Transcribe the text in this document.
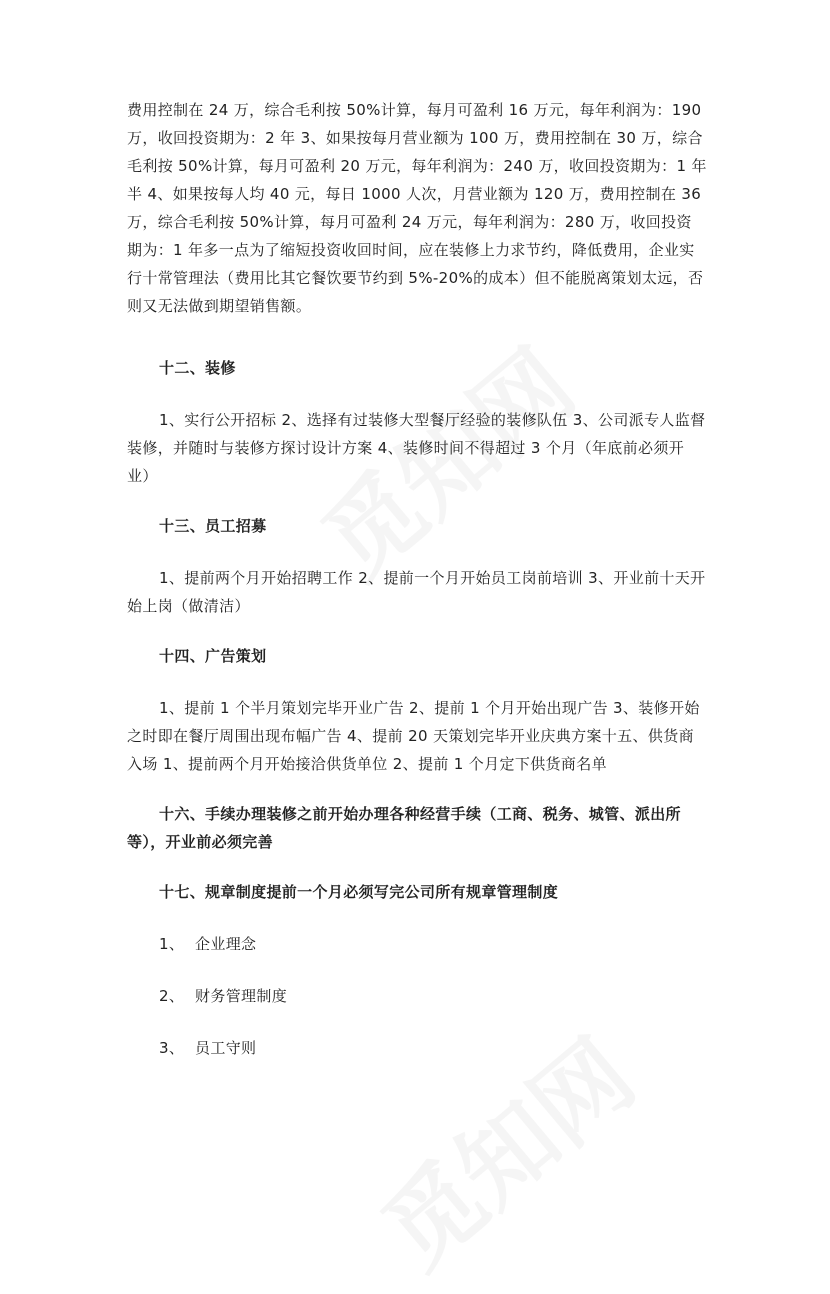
费用控制在 24 万，综合毛利按 50%计算，每月可盈利 16 万元，每年利润为：190 万，收回投资期为：2 年 3、如果按每月营业额为 100 万，费用控制在 30 万，综合毛利按 50%计算，每月可盈利 20 万元，每年利润为：240 万，收回投资期为：1 年半 4、如果按每人均 40 元，每日 1000 人次，月营业额为 120 万，费用控制在 36 万，综合毛利按 50%计算，每月可盈利 24 万元，每年利润为：280 万，收回投资期为：1 年多一点为了缩短投资收回时间，应在装修上力求节约，降低费用，企业实行十常管理法（费用比其它餐饮要节约到 5%-20%的成本）但不能脱离策划太远，否则又无法做到期望销售额。

十二、装修

1、实行公开招标 2、选择有过装修大型餐厅经验的装修队伍 3、公司派专人监督装修，并随时与装修方探讨设计方案 4、装修时间不得超过 3 个月（年底前必须开业）

十三、员工招募

1、提前两个月开始招聘工作 2、提前一个月开始员工岗前培训 3、开业前十天开始上岗（做清洁）

十四、广告策划

1、提前 1 个半月策划完毕开业广告 2、提前 1 个月开始出现广告 3、装修开始之时即在餐厅周围出现布幅广告 4、提前 20 天策划完毕开业庆典方案十五、供货商入场 1、提前两个月开始接洽供货单位 2、提前 1 个月定下供货商名单

十六、手续办理装修之前开始办理各种经营手续（工商、税务、城管、派出所等），开业前必须完善

十七、规章制度提前一个月必须写完公司所有规章管理制度

1、 企业理念

2、 财务管理制度

3、 员工守则
